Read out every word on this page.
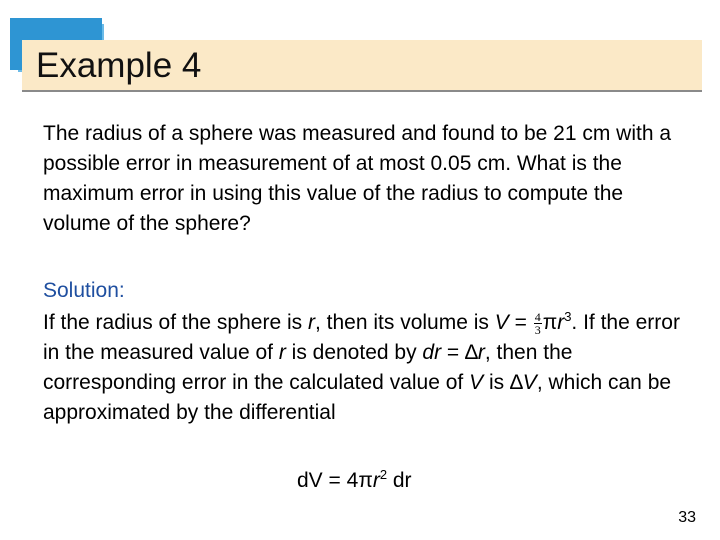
Example 4
The radius of a sphere was measured and found to be 21 cm with a possible error in measurement of at most 0.05 cm. What is the maximum error in using this value of the radius to compute the volume of the sphere?
Solution:
If the radius of the sphere is r, then its volume is $V = \frac{4}{3} \pi r^3$. If the error in the measured value of r is denoted by dr = ∆r, then the corresponding error in the calculated value of V is ∆V, which can be approximated by the differential
dV = $4\pi r^2$ dr
33
